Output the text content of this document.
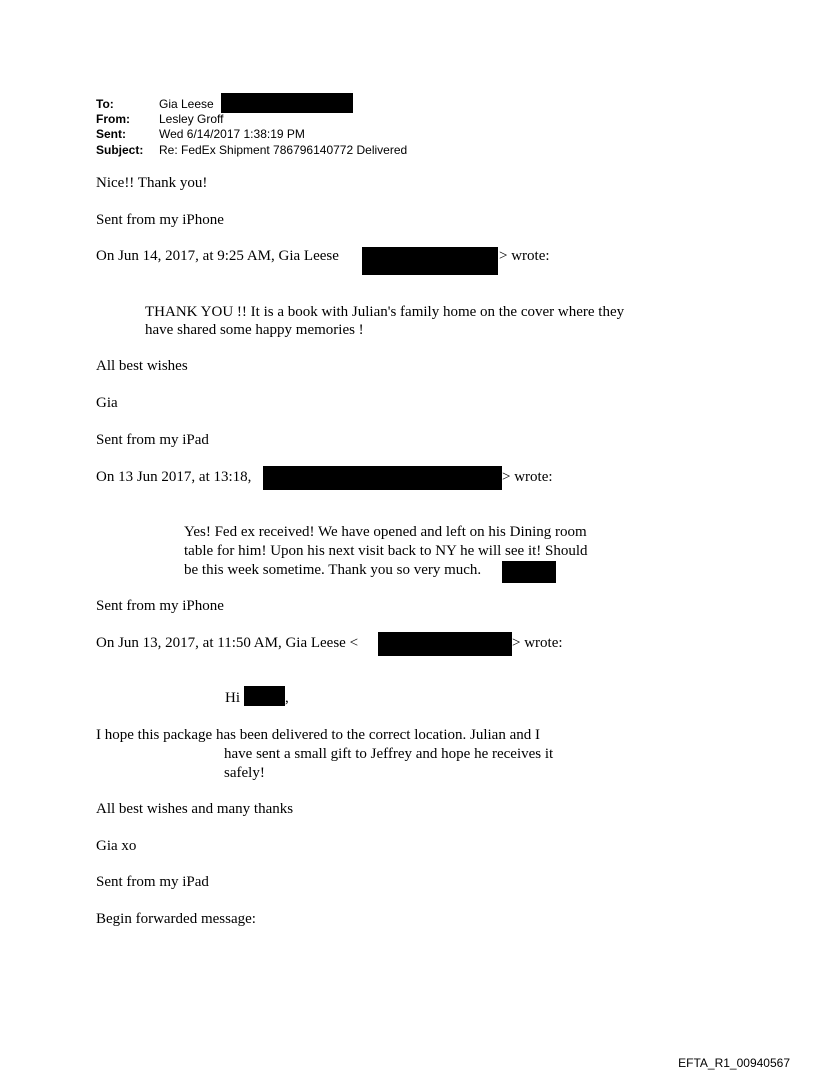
To:	Gia Leese
From: Lesley Groff
Sent:	Wed 6/14/2017 1:38:19 PM
Subject: Re: FedEx Shipment 786796140772 Delivered
Nice!! Thank you!
Sent from my iPhone
On Jun 14, 2017, at 9:25 AM, Gia Leese	> wrote:
THANK YOU !! It is a book with Julian's family home on the cover where they
have shared some happy memories !
All best wishes
Gia
Sent from my iPad
On 13 Jun 2017, at 13:18,	> wrote:
Yes! Fed ex received! We have opened and left on his Dining room
table for him! Upon his next visit back to NY he will see it! Should
be this week sometime. Thank you so very much.
Sent from my iPhone
On Jun 13, 2017, at 11:50 AM, Gia Leese <	> wrote:
Hi	,
I hope this package has been delivered to the correct location. Julian and I
have sent a small gift to Jeffrey and hope he receives it
safely!
All best wishes and many thanks
Gia xo
Sent from my iPad
Begin forwarded message:
EFTA_R1_00940567
